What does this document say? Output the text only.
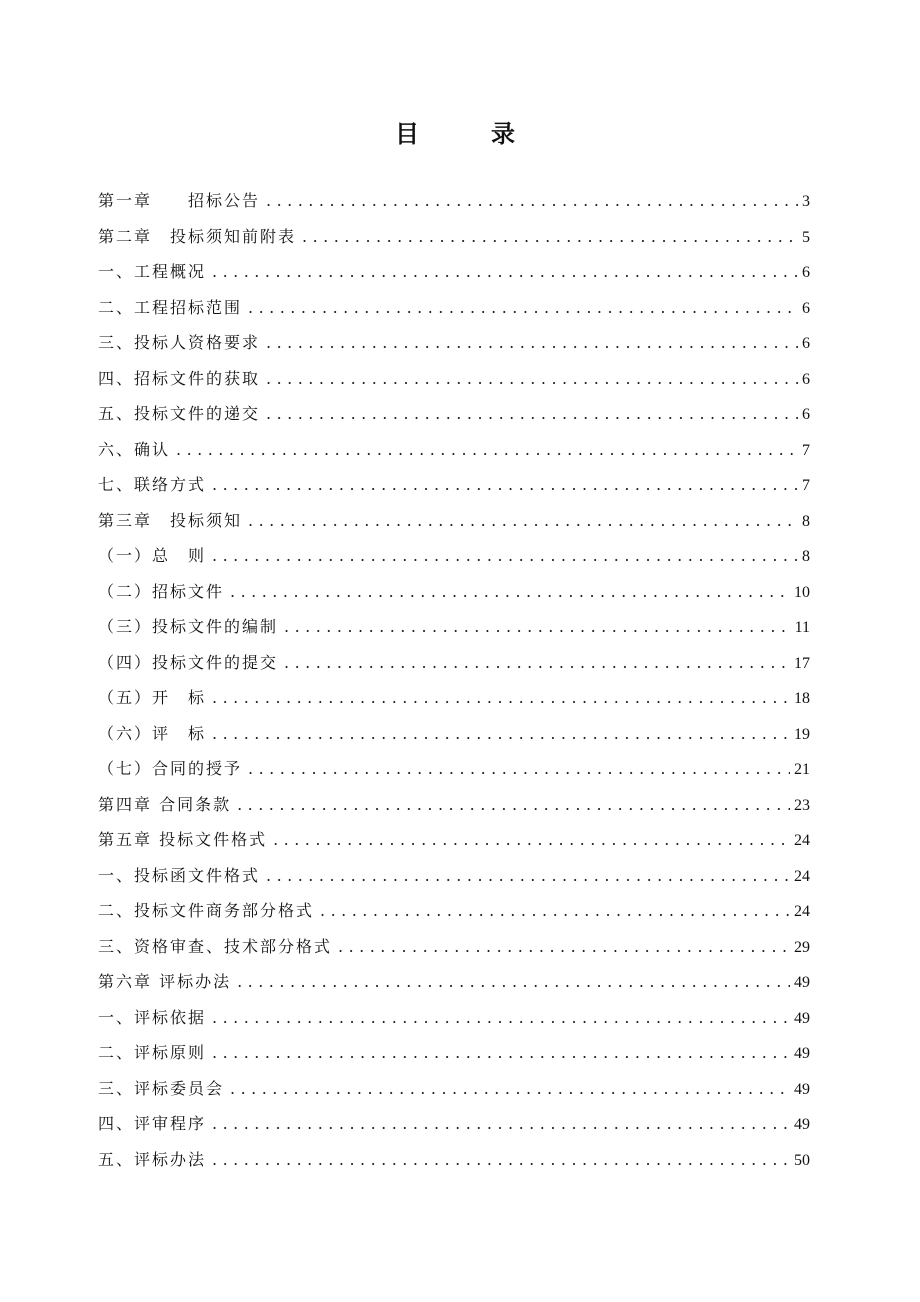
目　录
第一章　　招标公告 . . .	3
第二章　投标须知前附表 . . .	5
一、工程概况 . . .	6
二、工程招标范围 . . .	6
三、投标人资格要求 . . .	6
四、招标文件的获取 . . .	6
五、投标文件的递交 . . .	6
六、确认 . . .	7
七、联络方式 . . .	7
第三章　投标须知 . . .	8
（一）总　则 . . .	8
（二）招标文件 . . .	10
（三）投标文件的编制 . . .	11
（四）投标文件的提交 . . .	17
（五）开　标 . . .	18
（六）评　标 . . .	19
（七）合同的授予 . . .	21
第四章 合同条款 . . .	23
第五章 投标文件格式 . . .	24
一、投标函文件格式 . . .	24
二、投标文件商务部分格式 . . .	24
三、资格审查、技术部分格式 . . .	29
第六章 评标办法 . . .	49
一、评标依据 . . .	49
二、评标原则 . . .	49
三、评标委员会 . . .	49
四、评审程序 . . .	49
五、评标办法 . . .	50
